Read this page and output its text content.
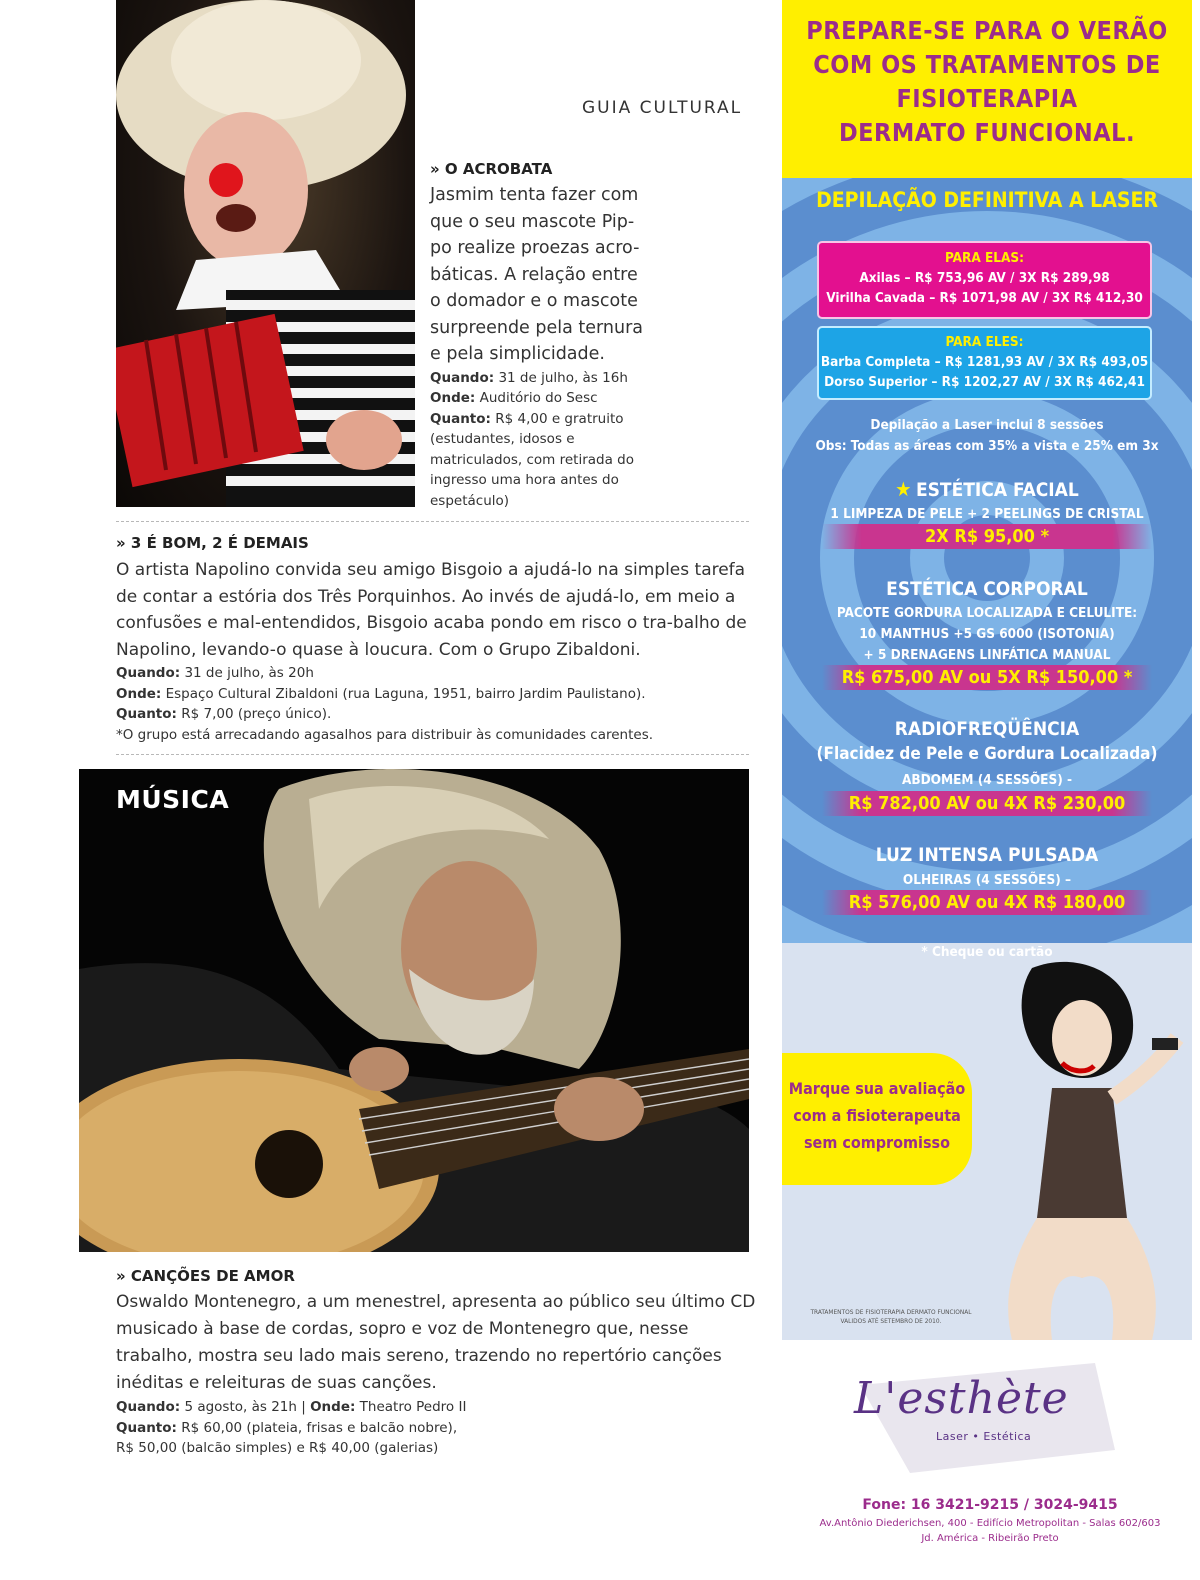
GUIA CULTURAL
» O ACROBATA
Jasmim tenta fazer com que o seu mascote Pip-po realize proezas acro-báticas. A relação entre o domador e o mascote surpreende pela ternura e pela simplicidade.
Quando: 31 de julho, às 16h
Onde: Auditório do Sesc
Quanto: R$ 4,00 e gratruito (estudantes, idosos e matriculados, com retirada do ingresso uma hora antes do espetáculo)
» 3 É BOM, 2 É DEMAIS
O artista Napolino convida seu amigo Bisgoio a ajudá-lo na simples tarefa de contar a estória dos Três Porquinhos. Ao invés de ajudá-lo, em meio a confusões e mal-entendidos, Bisgoio acaba pondo em risco o tra-balho de Napolino, levando-o quase à loucura. Com o Grupo Zibaldoni.
Quando: 31 de julho, às 20h
Onde: Espaço Cultural Zibaldoni (rua Laguna, 1951, bairro Jardim Paulistano).
Quanto: R$ 7,00 (preço único).
*O grupo está arrecadando agasalhos para distribuir às comunidades carentes.
MÚSICA
» CANÇÕES DE AMOR
Oswaldo Montenegro, a um menestrel, apresenta ao público seu último CD musicado à base de cordas, sopro e voz de Montenegro que, nesse trabalho, mostra seu lado mais sereno, trazendo no repertório canções inéditas e releituras de suas canções.
Quando: 5 agosto, às 21h | Onde: Theatro Pedro II
Quanto: R$ 60,00 (plateia, frisas e balcão nobre),
R$ 50,00 (balcão simples) e R$ 40,00 (galerias)
PREPARE-SE PARA O VERÃO
COM OS TRATAMENTOS DE
FISIOTERAPIA
DERMATO FUNCIONAL.
DEPILAÇÃO DEFINITIVA A LASER
PARA ELAS:
Axilas – R$ 753,96 AV / 3X R$ 289,98
Virilha Cavada – R$ 1071,98 AV / 3X R$ 412,30
PARA ELES:
Barba Completa – R$ 1281,93 AV / 3X R$ 493,05
Dorso Superior – R$ 1202,27 AV / 3X R$ 462,41
Depilação a Laser inclui 8 sessões
Obs: Todas as áreas com 35% a vista e 25% em 3x
★ ESTÉTICA FACIAL
1 LIMPEZA DE PELE + 2 PEELINGS DE CRISTAL
2X R$ 95,00 *
ESTÉTICA CORPORAL
PACOTE GORDURA LOCALIZADA E CELULITE:
10 MANTHUS +5 GS 6000 (ISOTONIA)
+ 5 DRENAGENS LINFÁTICA MANUAL
R$ 675,00 AV ou 5X R$ 150,00 *
RADIOFREQÜÊNCIA
(Flacidez de Pele e Gordura Localizada)
ABDOMEM (4 SESSÕES) -
R$ 782,00 AV ou 4X R$ 230,00
LUZ INTENSA PULSADA
OLHEIRAS (4 SESSÕES) –
R$ 576,00 AV ou 4X R$ 180,00
* Cheque ou cartão
Marque sua avaliação
com a fisioterapeuta
sem compromisso
TRATAMENTOS DE FISIOTERAPIA DERMATO FUNCIONAL
VALIDOS ATÉ SETEMBRO DE 2010.
L'esthète
Laser • Estética
Fone: 16 3421-9215 / 3024-9415
Av.Antônio Diederichsen, 400 - Edifício Metropolitan - Salas 602/603
Jd. América - Ribeirão Preto
